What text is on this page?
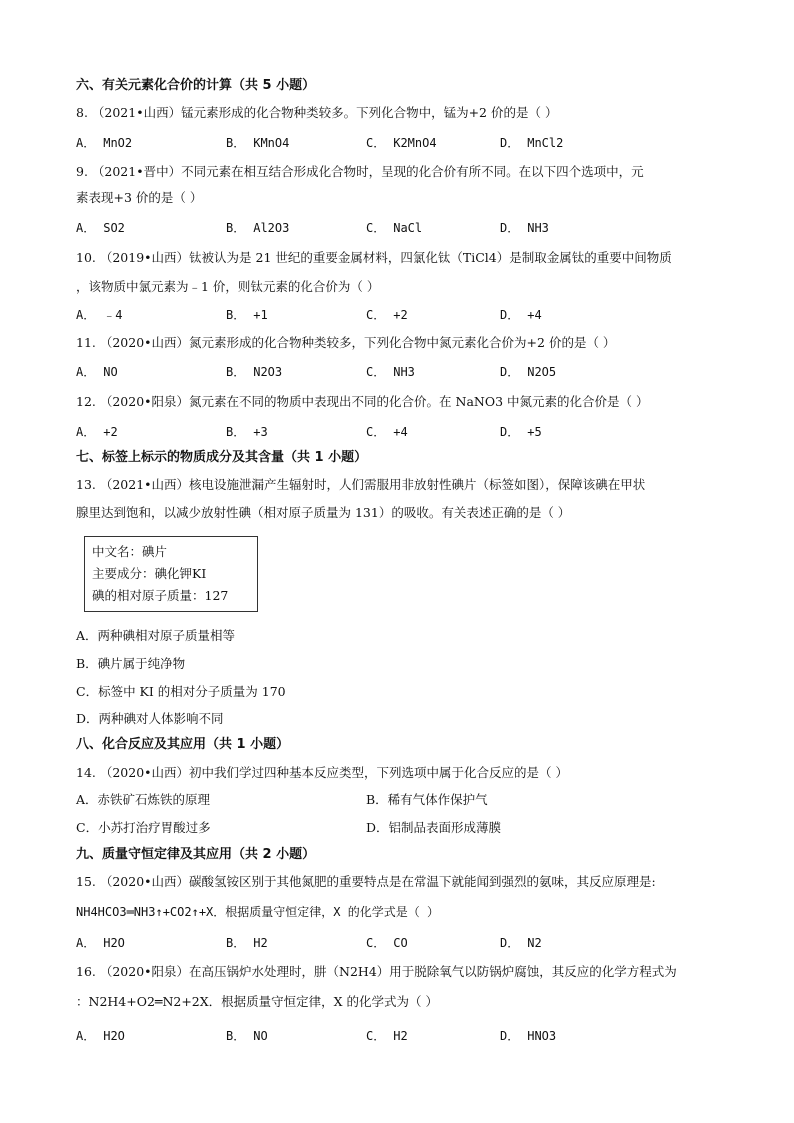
六、有关元素化合价的计算（共 5 小题）
8. （2021•山西）锰元素形成的化合物种类较多。下列化合物中，锰为+2 价的是（ ）
A． MnO2	B． KMnO4	C． K2MnO4	D． MnCl2
9. （2021•晋中）不同元素在相互结合形成化合物时，呈现的化合价有所不同。在以下四个选项中，元
素表现+3 价的是（ ）
A． SO2	B． Al2O3	C． NaCl	D． NH3
10. （2019•山西）钛被认为是 21 世纪的重要金属材料，四氯化钛（TiCl4）是制取金属钛的重要中间物质
，该物质中氯元素为﹣1 价，则钛元素的化合价为（ ）
A． ﹣4	B． +1	C． +2	D． +4
11. （2020•山西）氮元素形成的化合物种类较多，下列化合物中氮元素化合价为+2 价的是（ ）
A． NO	B． N2O3	C． NH3	D． N2O5
12. （2020•阳泉）氮元素在不同的物质中表现出不同的化合价。在 NaNO3 中氮元素的化合价是（ ）
A． +2	B． +3	C． +4	D． +5
七、标签上标示的物质成分及其含量（共 1 小题）
13. （2021•山西）核电设施泄漏产生辐射时，人们需服用非放射性碘片（标签如图），保障该碘在甲状
腺里达到饱和，以减少放射性碘（相对原子质量为 131）的吸收。有关表述正确的是（ ）
中文名：碘片
主要成分：碘化钾KI
碘的相对原子质量：127
A．两种碘相对原子质量相等
B．碘片属于纯净物
C．标签中 KI 的相对分子质量为 170
D．两种碘对人体影响不同
八、化合反应及其应用（共 1 小题）
14. （2020•山西）初中我们学过四种基本反应类型，下列选项中属于化合反应的是（ ）
A．赤铁矿石炼铁的原理	B．稀有气体作保护气
C．小苏打治疗胃酸过多	D．铝制品表面形成薄膜
九、质量守恒定律及其应用（共 2 小题）
15. （2020•山西）碳酸氢铵区别于其他氮肥的重要特点是在常温下就能闻到强烈的氨味，其反应原理是:
NH4HCO3═NH3↑+CO2↑+X．根据质量守恒定律，X 的化学式是（ ）
A． H2O	B． H2	C． CO	D． N2
16. （2020•阳泉）在高压锅炉水处理时，肼（N2H4）用于脱除氧气以防锅炉腐蚀，其反应的化学方程式为
：N2H4+O2═N2+2X．根据质量守恒定律，X 的化学式为（ ）
A． H2O	B． NO	C． H2	D． HNO3
